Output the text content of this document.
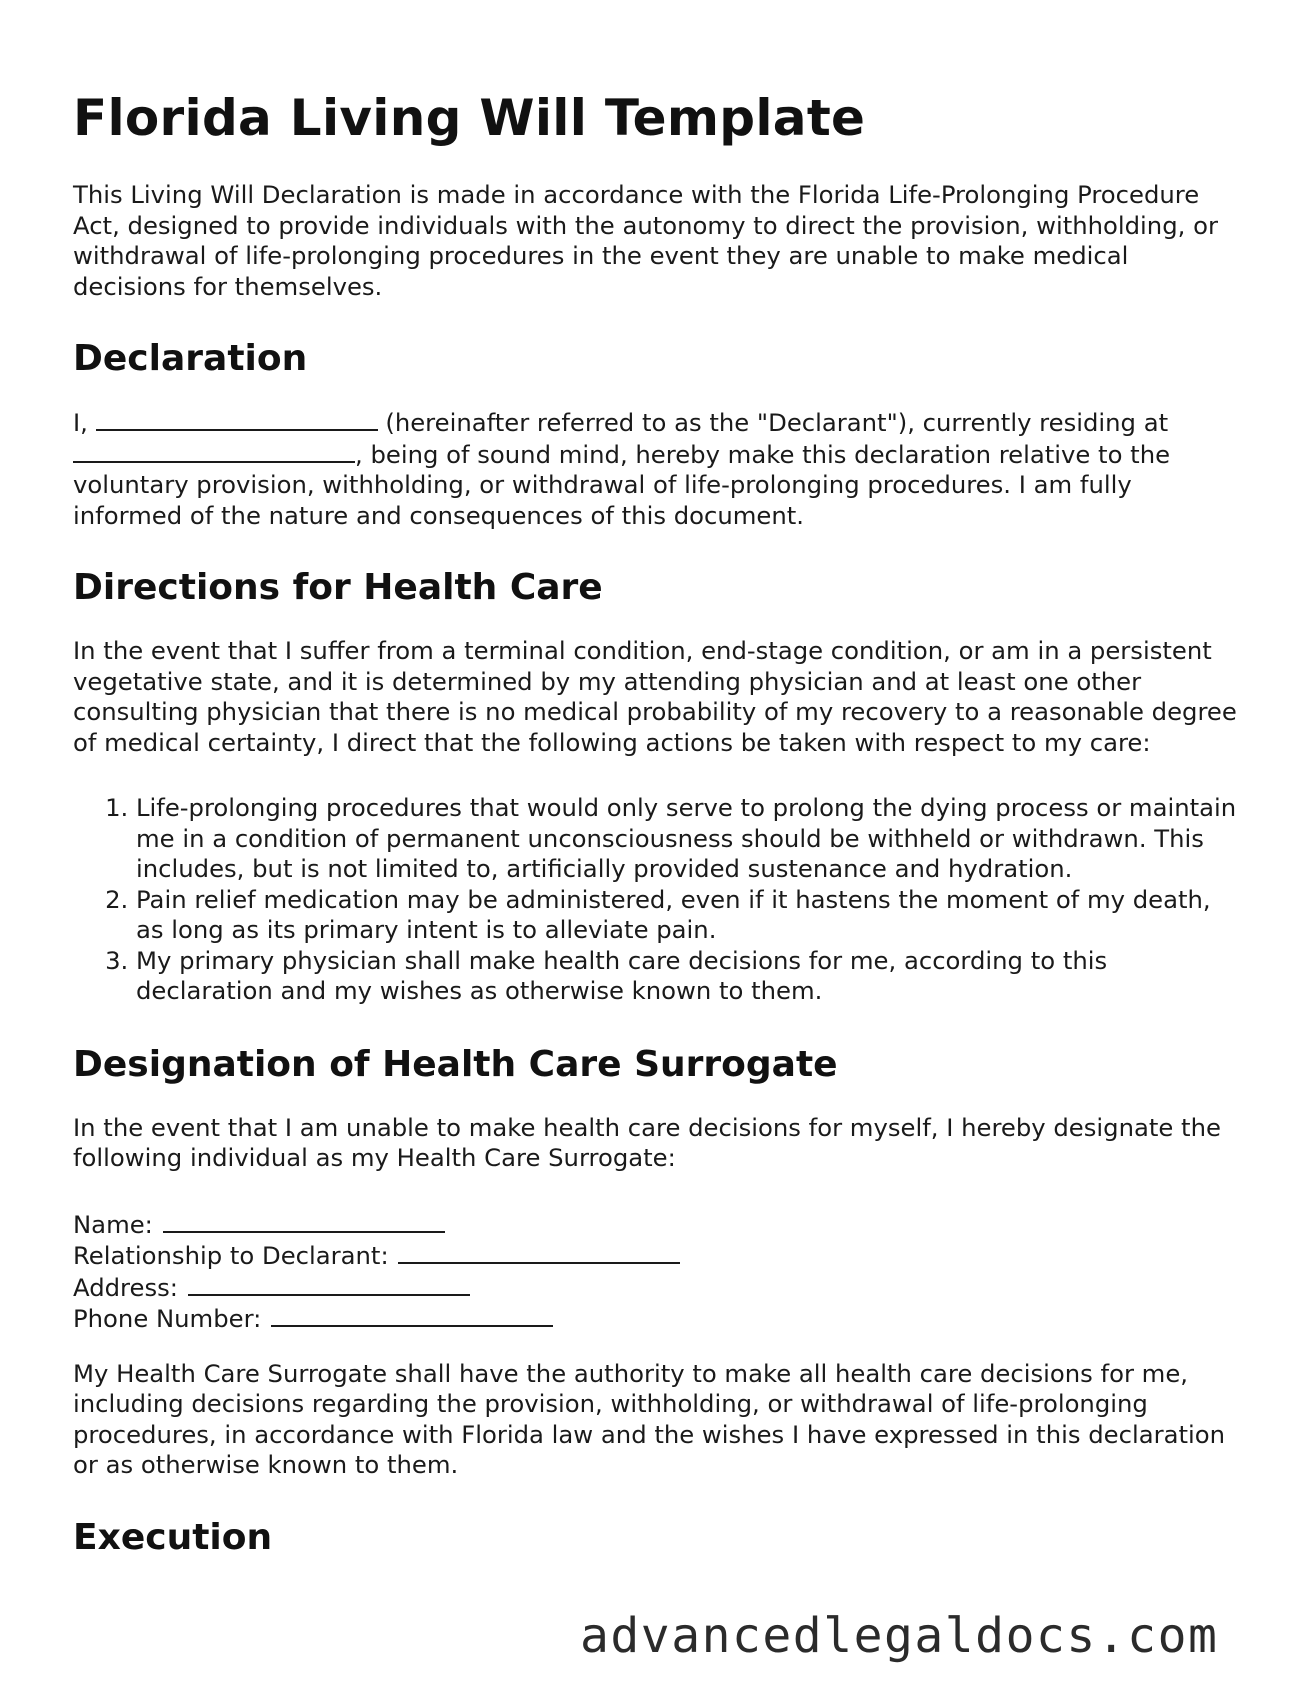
Florida Living Will Template

This Living Will Declaration is made in accordance with the Florida Life-Prolonging Procedure Act, designed to provide individuals with the autonomy to direct the provision, withholding, or withdrawal of life-prolonging procedures in the event they are unable to make medical decisions for themselves.

Declaration

I,	(hereinafter referred to as the "Declarant"), currently residing at , being of sound mind, hereby make this declaration relative to the voluntary provision, withholding, or withdrawal of life-prolonging procedures. I am fully informed of the nature and consequences of this document.

Directions for Health Care

In the event that I suffer from a terminal condition, end-stage condition, or am in a persistent vegetative state, and it is determined by my attending physician and at least one other consulting physician that there is no medical probability of my recovery to a reasonable degree of medical certainty, I direct that the following actions be taken with respect to my care:

1. Life-prolonging procedures that would only serve to prolong the dying process or maintain me in a condition of permanent unconsciousness should be withheld or withdrawn. This includes, but is not limited to, artificially provided sustenance and hydration.
2. Pain relief medication may be administered, even if it hastens the moment of my death, as long as its primary intent is to alleviate pain.
3. My primary physician shall make health care decisions for me, according to this declaration and my wishes as otherwise known to them.
Designation of Health Care Surrogate

In the event that I am unable to make health care decisions for myself, I hereby designate the following individual as my Health Care Surrogate:

Name:
Relationship to Declarant:
Address:
Phone Number:

My Health Care Surrogate shall have the authority to make all health care decisions for me, including decisions regarding the provision, withholding, or withdrawal of life-prolonging procedures, in accordance with Florida law and the wishes I have expressed in this declaration or as otherwise known to them.

Execution
advancedlegaldocs.com
